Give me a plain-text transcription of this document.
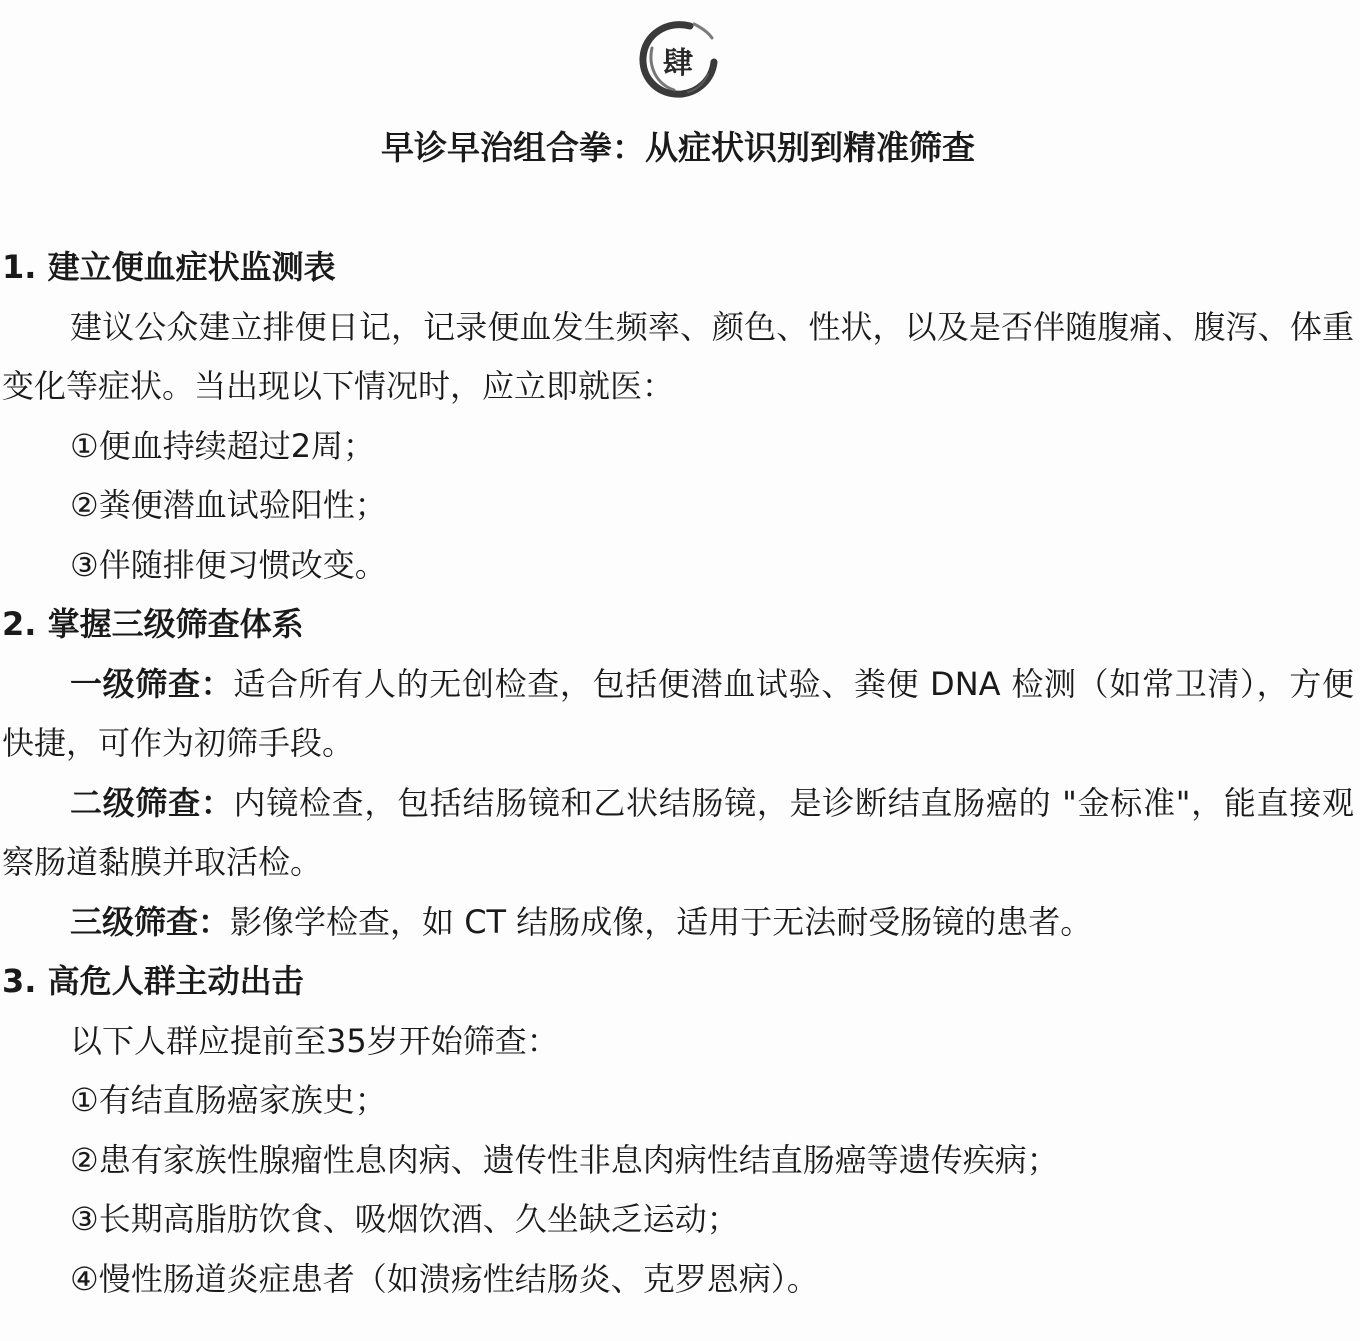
肆
早诊早治组合拳：从症状识别到精准筛查

1. 建立便血症状监测表

建议公众建立排便日记，记录便血发生频率、颜色、性状，以及是否伴随腹痛、腹泻、体重变化等症状。当出现以下情况时，应立即就医：

①便血持续超过2周；

②粪便潜血试验阳性；

③伴随排便习惯改变。

2. 掌握三级筛查体系

一级筛查：适合所有人的无创检查，包括便潜血试验、粪便 DNA 检测（如常卫清），方便快捷，可作为初筛手段。

二级筛查：内镜检查，包括结肠镜和乙状结肠镜，是诊断结直肠癌的 "金标准"，能直接观察肠道黏膜并取活检。

三级筛查：影像学检查，如 CT 结肠成像，适用于无法耐受肠镜的患者。

3. 高危人群主动出击

以下人群应提前至35岁开始筛查：

①有结直肠癌家族史；

②患有家族性腺瘤性息肉病、遗传性非息肉病性结直肠癌等遗传疾病；

③长期高脂肪饮食、吸烟饮酒、久坐缺乏运动；

④慢性肠道炎症患者（如溃疡性结肠炎、克罗恩病）。
